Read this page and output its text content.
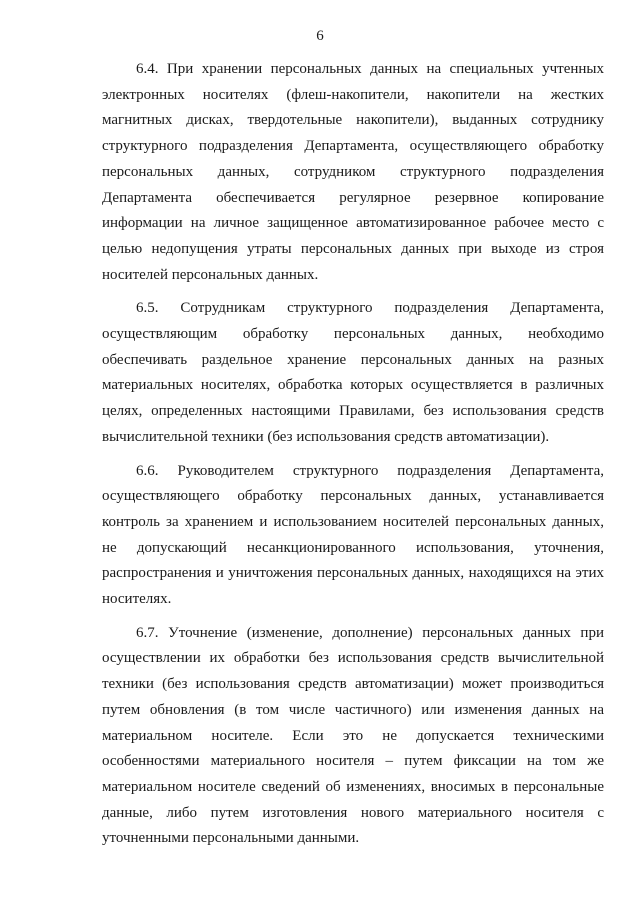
6

6.4. При хранении персональных данных на специальных учтенных электронных носителях (флеш-накопители, накопители на жестких магнитных дисках, твердотельные накопители), выданных сотруднику структурного подразделения Департамента, осуществляющего обработку персональных данных, сотрудником структурного подразделения Департамента обеспечивается регулярное резервное копирование информации на личное защищенное автоматизированное рабочее место с целью недопущения утраты персональных данных при выходе из строя носителей персональных данных.

6.5. Сотрудникам структурного подразделения Департамента, осуществляющим обработку персональных данных, необходимо обеспечивать раздельное хранение персональных данных на разных материальных носителях, обработка которых осуществляется в различных целях, определенных настоящими Правилами, без использования средств вычислительной техники (без использования средств автоматизации).

6.6. Руководителем структурного подразделения Департамента, осуществляющего обработку персональных данных, устанавливается контроль за хранением и использованием носителей персональных данных, не допускающий несанкционированного использования, уточнения, распространения и уничтожения персональных данных, находящихся на этих носителях.

6.7. Уточнение (изменение, дополнение) персональных данных при осуществлении их обработки без использования средств вычислительной техники (без использования средств автоматизации) может производиться путем обновления (в том числе частичного) или изменения данных на материальном носителе. Если это не допускается техническими особенностями материального носителя – путем фиксации на том же материальном носителе сведений об изменениях, вносимых в персональные данные, либо путем изготовления нового материального носителя с уточненными персональными данными.
